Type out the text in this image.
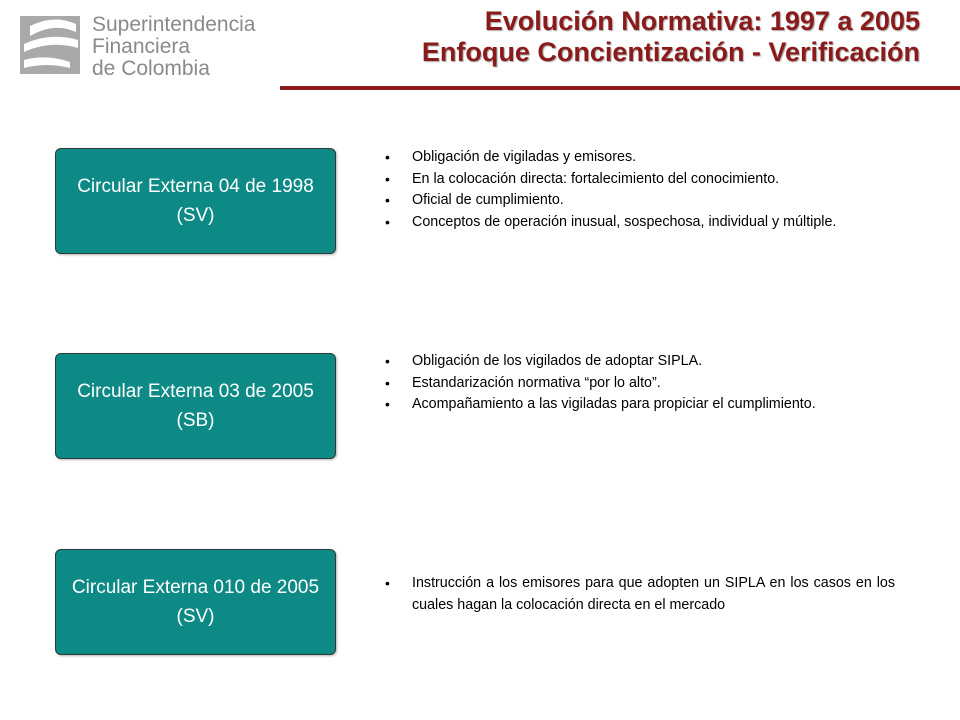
Superintendencia
Financiera
de Colombia
Evolución Normativa: 1997 a 2005
Enfoque Concientización - Verificación
Circular Externa 04 de 1998 (SV)
• Obligación de vigiladas y emisores.
• En la colocación directa: fortalecimiento del conocimiento.
• Oficial de cumplimiento.
• Conceptos de operación inusual, sospechosa, individual y múltiple.
Circular Externa 03 de 2005 (SB)
• Obligación de los vigilados de adoptar SIPLA.
• Estandarización normativa “por lo alto”.
• Acompañamiento a las vigiladas para propiciar el cumplimiento.
Circular Externa 010 de 2005 (SV)
• Instrucción a los emisores para que adopten un SIPLA en los casos en los cuales hagan la colocación directa en el mercado
